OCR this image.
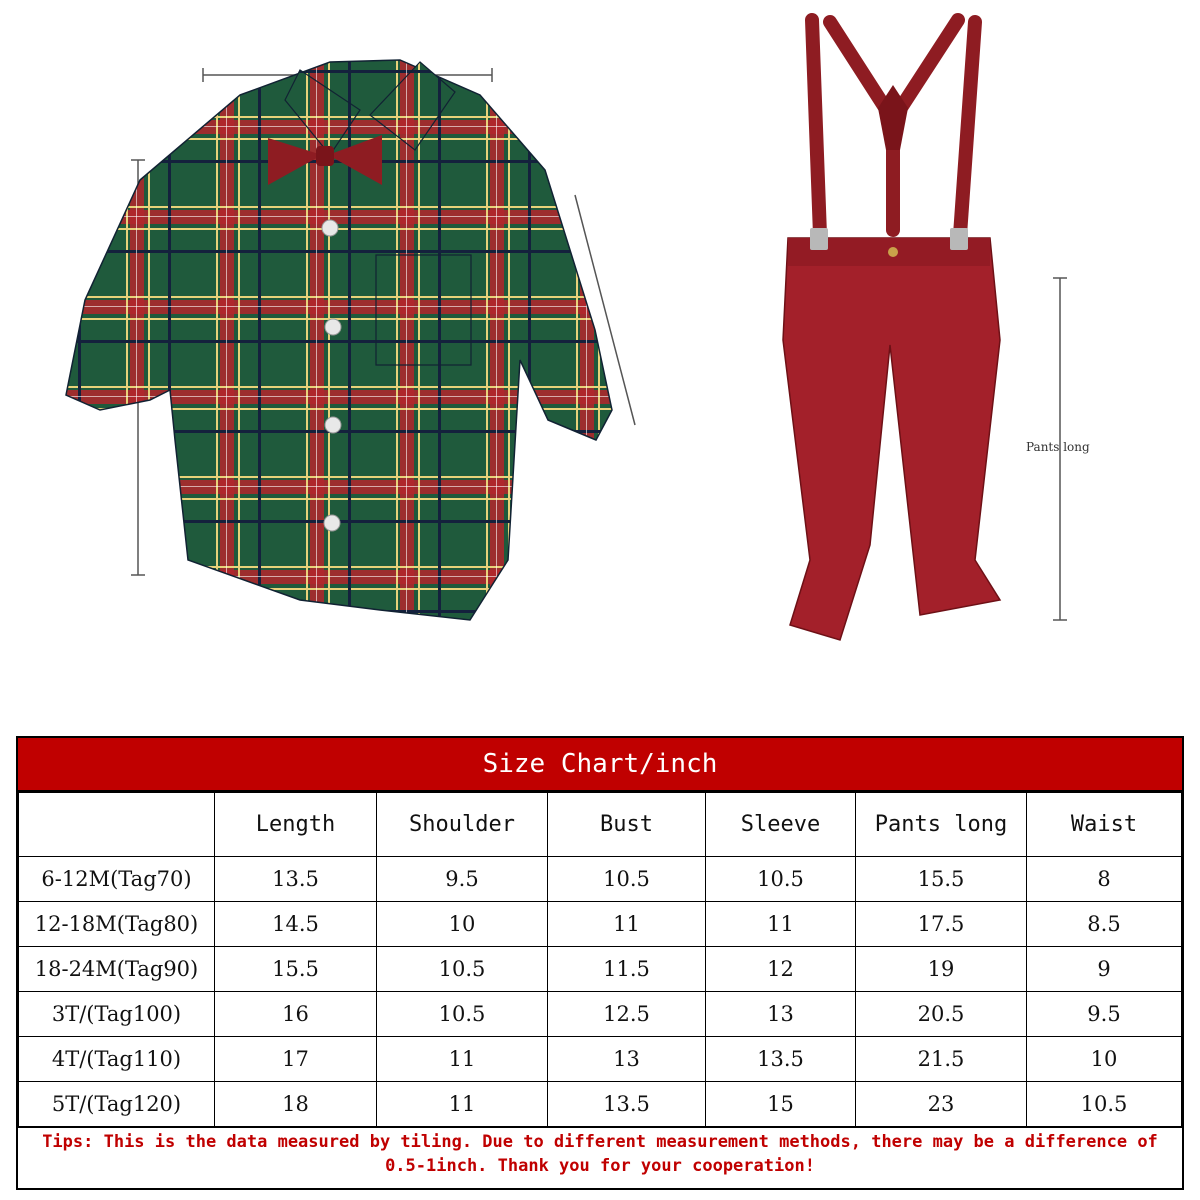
Pants long
Size Chart/inch
	Length	Shoulder	Bust	Sleeve	Pants long	Waist
6-12M(Tag70)	13.5	9.5	10.5	10.5	15.5	8
12-18M(Tag80)	14.5	10	11	11	17.5	8.5
18-24M(Tag90)	15.5	10.5	11.5	12	19	9
3T/(Tag100)	16	10.5	12.5	13	20.5	9.5
4T/(Tag110)	17	11	13	13.5	21.5	10
5T/(Tag120)	18	11	13.5	15	23	10.5
Tips: This is the data measured by tiling. Due to different measurement methods, there may be a difference of 0.5-1inch. Thank you for your cooperation!
